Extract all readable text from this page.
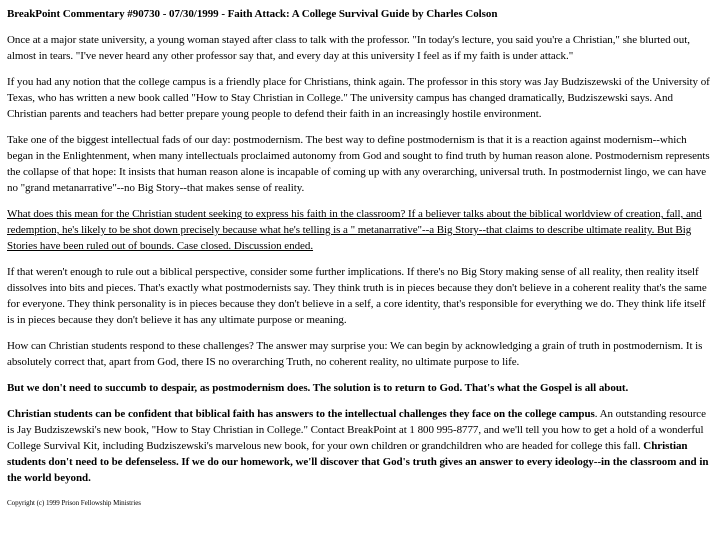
BreakPoint Commentary #90730 - 07/30/1999 - Faith Attack: A College Survival Guide by Charles Colson
Once at a major state university, a young woman stayed after class to talk with the professor. "In today's lecture, you said you're a Christian," she blurted out, almost in tears. "I've never heard any other professor say that, and every day at this university I feel as if my faith is under attack."
If you had any notion that the college campus is a friendly place for Christians, think again. The professor in this story was Jay Budziszewski of the University of Texas, who has written a new book called "How to Stay Christian in College." The university campus has changed dramatically, Budziszewski says. And Christian parents and teachers had better prepare young people to defend their faith in an increasingly hostile environment.
Take one of the biggest intellectual fads of our day: postmodernism. The best way to define postmodernism is that it is a reaction against modernism--which began in the Enlightenment, when many intellectuals proclaimed autonomy from God and sought to find truth by human reason alone. Postmodernism represents the collapse of that hope: It insists that human reason alone is incapable of coming up with any overarching, universal truth. In postmodernist lingo, we can have no "grand metanarrative"--no Big Story--that makes sense of reality.
What does this mean for the Christian student seeking to express his faith in the classroom? If a believer talks about the biblical worldview of creation, fall, and redemption, he's likely to be shot down precisely because what he's telling is a " metanarrative"--a Big Story--that claims to describe ultimate reality. But Big Stories have been ruled out of bounds. Case closed. Discussion ended.
If that weren't enough to rule out a biblical perspective, consider some further implications. If there's no Big Story making sense of all reality, then reality itself dissolves into bits and pieces. That's exactly what postmodernists say. They think truth is in pieces because they don't believe in a coherent reality that's the same for everyone. They think personality is in pieces because they don't believe in a self, a core identity, that's responsible for everything we do. They think life itself is in pieces because they don't believe it has any ultimate purpose or meaning.
How can Christian students respond to these challenges? The answer may surprise you: We can begin by acknowledging a grain of truth in postmodernism. It is absolutely correct that, apart from God, there IS no overarching Truth, no coherent reality, no ultimate purpose to life.
But we don't need to succumb to despair, as postmodernism does. The solution is to return to God. That's what the Gospel is all about.
Christian students can be confident that biblical faith has answers to the intellectual challenges they face on the college campus. An outstanding resource is Jay Budziszewski's new book, "How to Stay Christian in College." Contact BreakPoint at 1 800 995-8777, and we'll tell you how to get a hold of a wonderful College Survival Kit, including Budziszewski's marvelous new book, for your own children or grandchildren who are headed for college this fall. Christian students don't need to be defenseless. If we do our homework, we'll discover that God's truth gives an answer to every ideology--in the classroom and in the world beyond.
Copyright (c) 1999 Prison Fellowship Ministries
